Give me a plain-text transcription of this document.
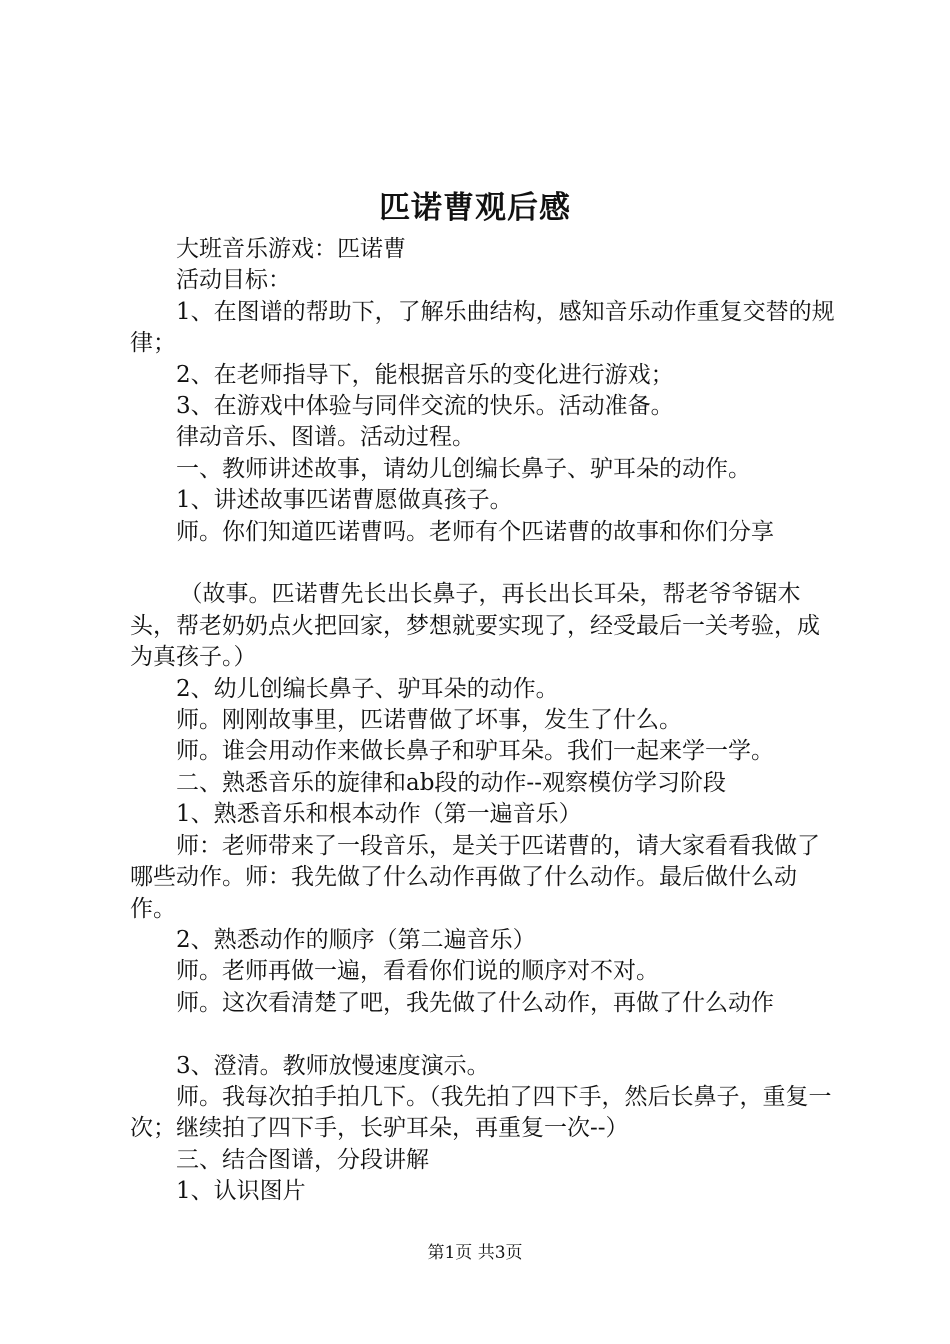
匹诺曹观后感

大班音乐游戏：匹诺曹

活动目标：

1、在图谱的帮助下，了解乐曲结构，感知音乐动作重复交替的规律；

2、在老师指导下，能根据音乐的变化进行游戏；

3、在游戏中体验与同伴交流的快乐。活动准备。

律动音乐、图谱。活动过程。

一、教师讲述故事，请幼儿创编长鼻子、驴耳朵的动作。

1、讲述故事匹诺曹愿做真孩子。

师。你们知道匹诺曹吗。老师有个匹诺曹的故事和你们分享

（故事。匹诺曹先长出长鼻子，再长出长耳朵，帮老爷爷锯木头，帮老奶奶点火把回家，梦想就要实现了，经受最后一关考验，成为真孩子。）

2、幼儿创编长鼻子、驴耳朵的动作。

师。刚刚故事里，匹诺曹做了坏事，发生了什么。

师。谁会用动作来做长鼻子和驴耳朵。我们一起来学一学。

二、熟悉音乐的旋律和ab段的动作--观察模仿学习阶段

1、熟悉音乐和根本动作（第一遍音乐）

师：老师带来了一段音乐，是关于匹诺曹的，请大家看看我做了哪些动作。师：我先做了什么动作再做了什么动作。最后做什么动作。

2、熟悉动作的顺序（第二遍音乐）

师。老师再做一遍，看看你们说的顺序对不对。

师。这次看清楚了吧，我先做了什么动作，再做了什么动作

3、澄清。教师放慢速度演示。

师。我每次拍手拍几下。（我先拍了四下手，然后长鼻子，重复一次；继续拍了四下手，长驴耳朵，再重复一次--）

三、结合图谱，分段讲解

1、认识图片

第1页 共3页
